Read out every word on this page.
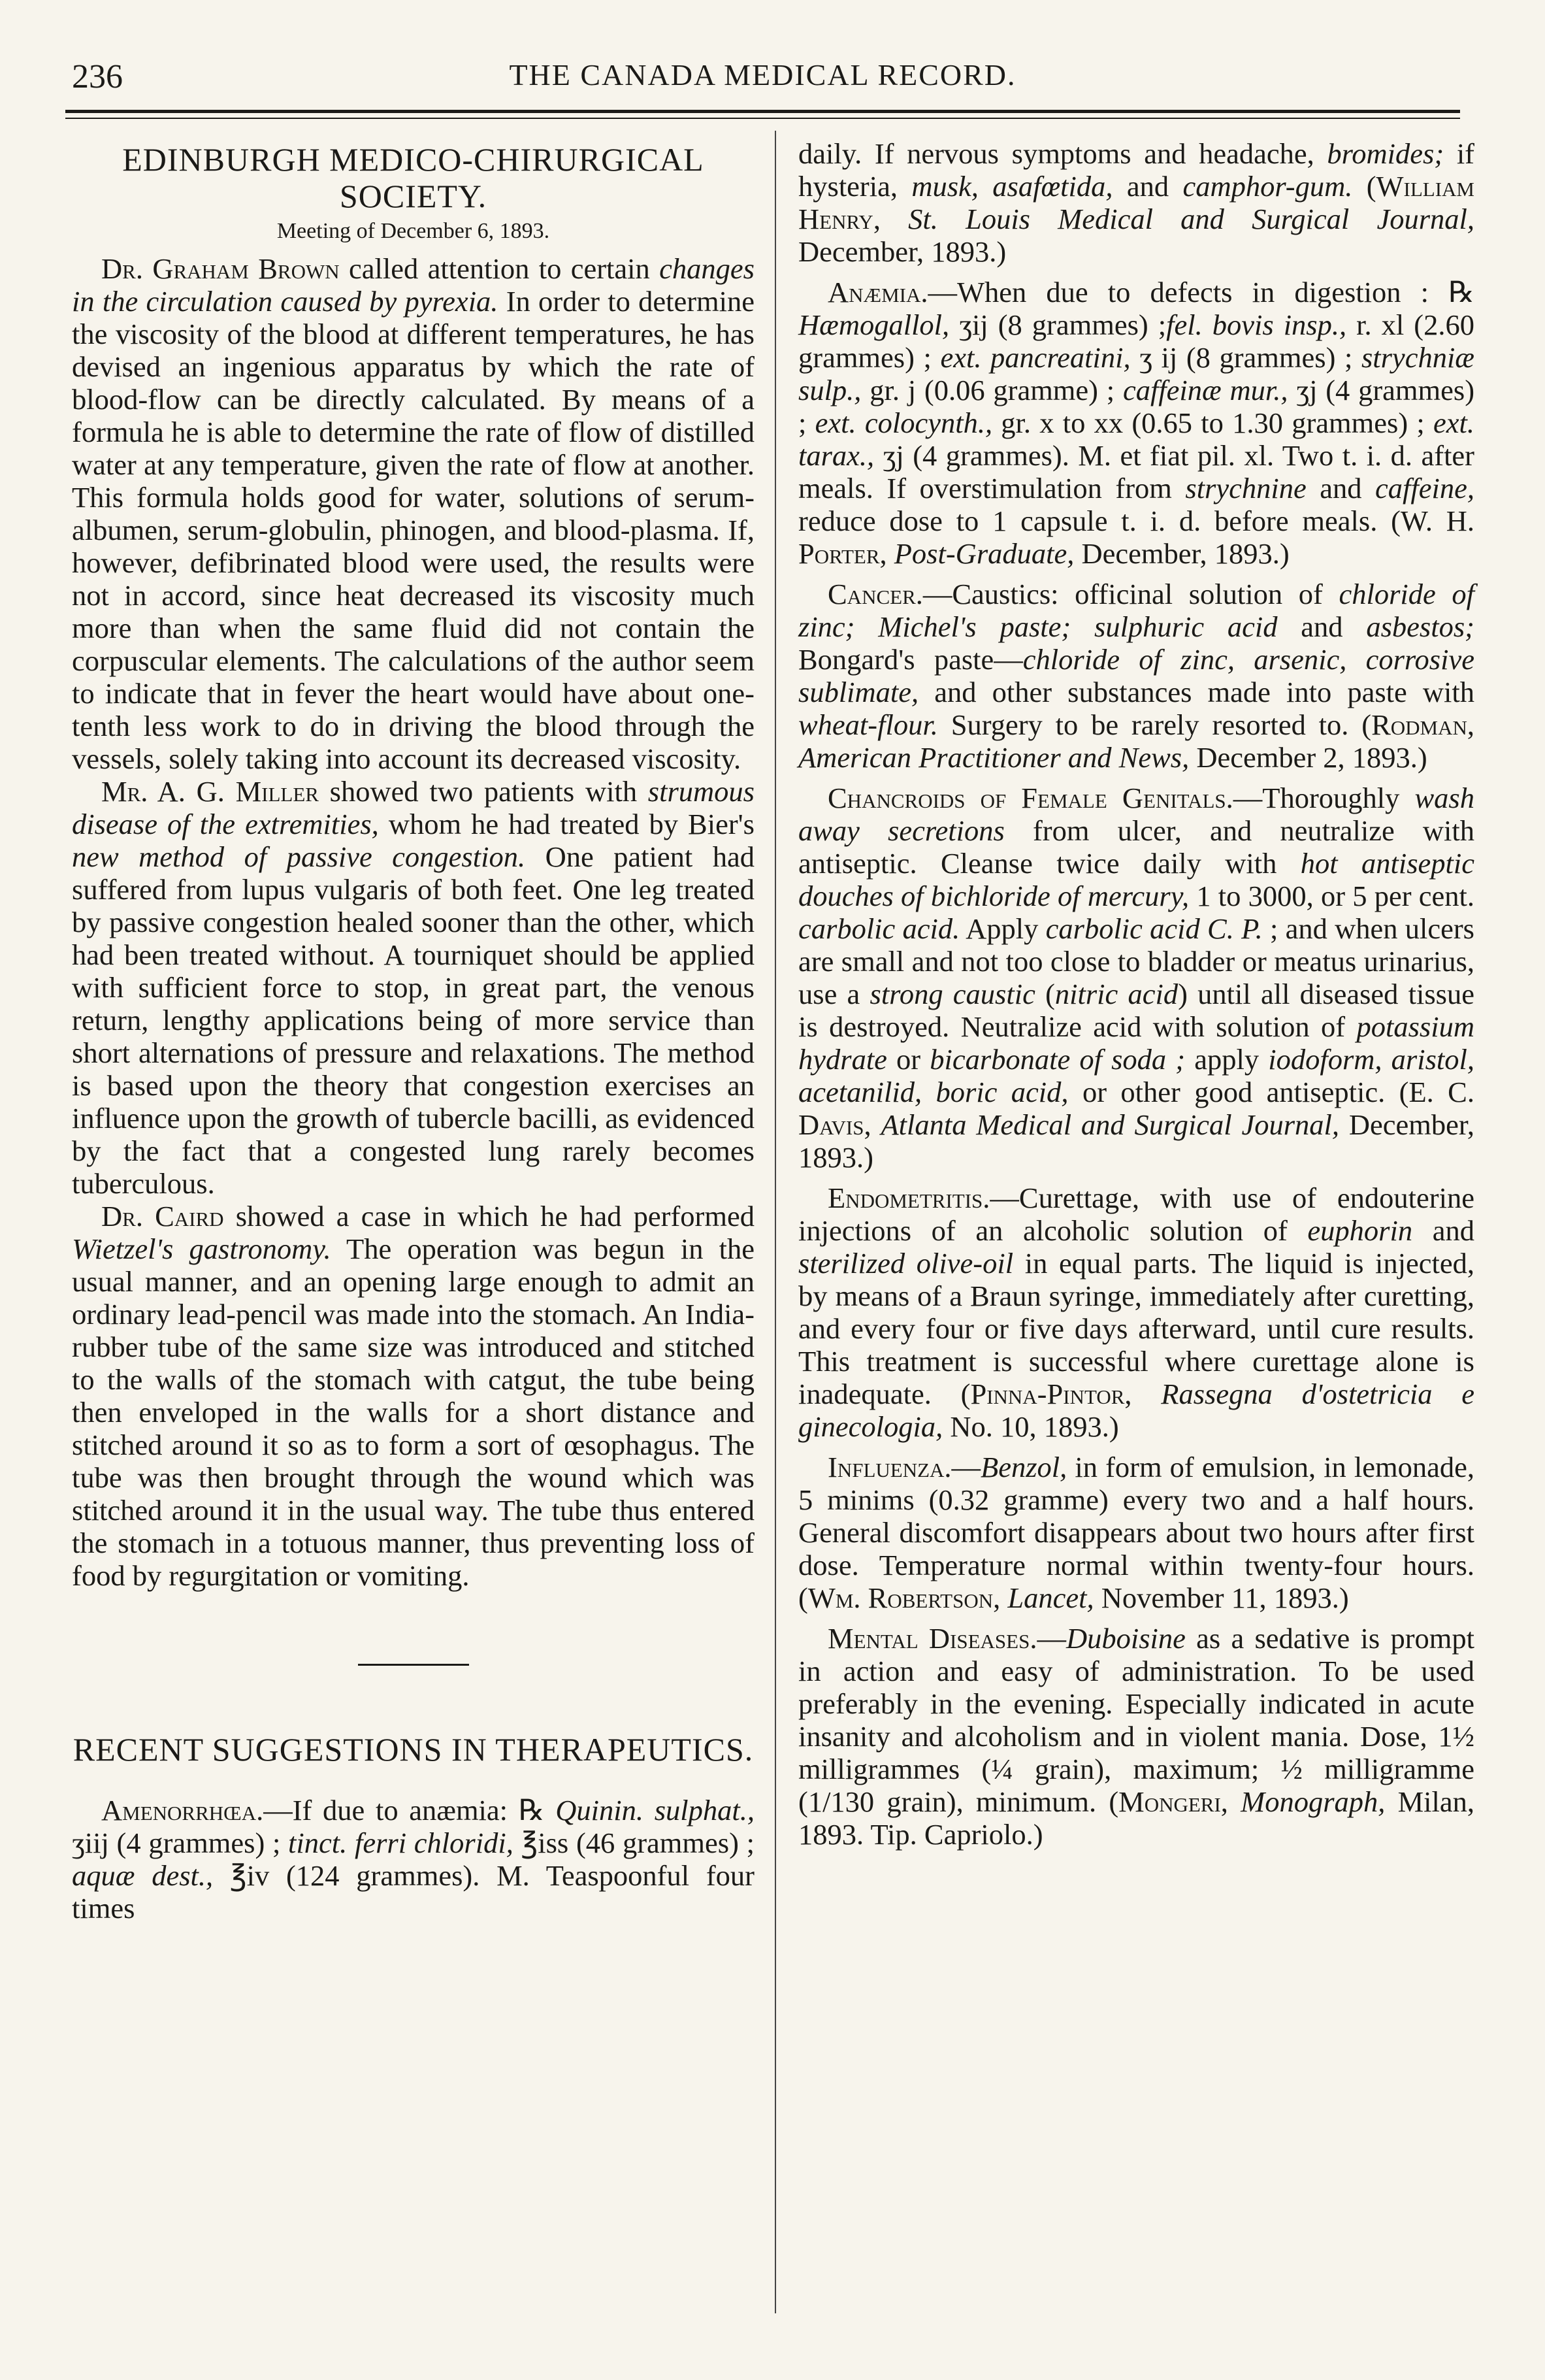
236	THE CANADA MEDICAL RECORD.
EDINBURGH MEDICO-CHIRURGICAL SOCIETY.
Meeting of December 6, 1893.

Dr. Graham Brown called attention to certain changes in the circulation caused by pyrexia. In order to determine the viscosity of the blood at different temperatures, he has devised an ingenious apparatus by which the rate of blood-flow can be directly calculated. By means of a formula he is able to determine the rate of flow of distilled water at any temperature, given the rate of flow at another. This formula holds good for water, solutions of serum-albumen, serum-globulin, phinogen, and blood-plasma. If, however, defibrinated blood were used, the results were not in accord, since heat decreased its viscosity much more than when the same fluid did not contain the corpuscular elements. The calculations of the author seem to indicate that in fever the heart would have about one-tenth less work to do in driving the blood through the vessels, solely taking into account its decreased viscosity.

Mr. A. G. Miller showed two patients with strumous disease of the extremities, whom he had treated by Bier's new method of passive congestion. One patient had suffered from lupus vulgaris of both feet. One leg treated by passive congestion healed sooner than the other, which had been treated without. A tourniquet should be applied with sufficient force to stop, in great part, the venous return, lengthy applications being of more service than short alternations of pressure and relaxations. The method is based upon the theory that congestion exercises an influence upon the growth of tubercle bacilli, as evidenced by the fact that a congested lung rarely becomes tuberculous.

Dr. Caird showed a case in which he had performed Wietzel's gastronomy. The operation was begun in the usual manner, and an opening large enough to admit an ordinary lead-pencil was made into the stomach. An India-rubber tube of the same size was introduced and stitched to the walls of the stomach with catgut, the tube being then enveloped in the walls for a short distance and stitched around it so as to form a sort of œsophagus. The tube was then brought through the wound which was stitched around it in the usual way. The tube thus entered the stomach in a totuous manner, thus preventing loss of food by regurgitation or vomiting.

RECENT SUGGESTIONS IN THERAPEUTICS.

Amenorrhœa.—If due to anæmia: ℞ Quinin. sulphat., ʒiij (4 grammes) ; tinct. ferri chloridi, ℥iss (46 grammes) ; aquæ dest., ℥iv (124 grammes). M. Teaspoonful four times

daily. If nervous symptoms and headache, bromides; if hysteria, musk, asafœtida, and camphor-gum. (William Henry, St. Louis Medical and Surgical Journal, December, 1893.)

Anæmia.—When due to defects in digestion : ℞ Hæmogallol, ʒij (8 grammes) ;fel. bovis insp., r. xl (2.60 grammes) ; ext. pancreatini, ʒ ij (8 grammes) ; strychniæ sulp., gr. j (0.06 gramme) ; caffeinæ mur., ʒj (4 grammes) ; ext. colocynth., gr. x to xx (0.65 to 1.30 grammes) ; ext. tarax., ʒj (4 grammes). M. et fiat pil. xl. Two t. i. d. after meals. If overstimulation from strychnine and caffeine, reduce dose to 1 capsule t. i. d. before meals. (W. H. Porter, Post-Graduate, December, 1893.)

Cancer.—Caustics: officinal solution of chloride of zinc; Michel's paste; sulphuric acid and asbestos; Bongard's paste—chloride of zinc, arsenic, corrosive sublimate, and other substances made into paste with wheat-flour. Surgery to be rarely resorted to. (Rodman, American Practitioner and News, December 2, 1893.)

Chancroids of Female Genitals.—Thoroughly wash away secretions from ulcer, and neutralize with antiseptic. Cleanse twice daily with hot antiseptic douches of bichloride of mercury, 1 to 3000, or 5 per cent. carbolic acid. Apply carbolic acid C. P. ; and when ulcers are small and not too close to bladder or meatus urinarius, use a strong caustic (nitric acid) until all diseased tissue is destroyed. Neutralize acid with solution of potassium hydrate or bicarbonate of soda ; apply iodoform, aristol, acetanilid, boric acid, or other good antiseptic. (E. C. Davis, Atlanta Medical and Surgical Journal, December, 1893.)

Endometritis.—Curettage, with use of endouterine injections of an alcoholic solution of euphorin and sterilized olive-oil in equal parts. The liquid is injected, by means of a Braun syringe, immediately after curetting, and every four or five days afterward, until cure results. This treatment is successful where curettage alone is inadequate. (Pinna-Pintor, Rassegna d'ostetricia e ginecologia, No. 10, 1893.)

Influenza.—Benzol, in form of emulsion, in lemonade, 5 minims (0.32 gramme) every two and a half hours. General discomfort disappears about two hours after first dose. Temperature normal within twenty-four hours. (Wm. Robertson, Lancet, November 11, 1893.)

Mental Diseases.—Duboisine as a sedative is prompt in action and easy of administration. To be used preferably in the evening. Especially indicated in acute insanity and alcoholism and in violent mania. Dose, 1½ milligrammes (¼ grain), maximum; ½ milligramme (1/130 grain), minimum. (Mongeri, Monograph, Milan, 1893. Tip. Capriolo.)
